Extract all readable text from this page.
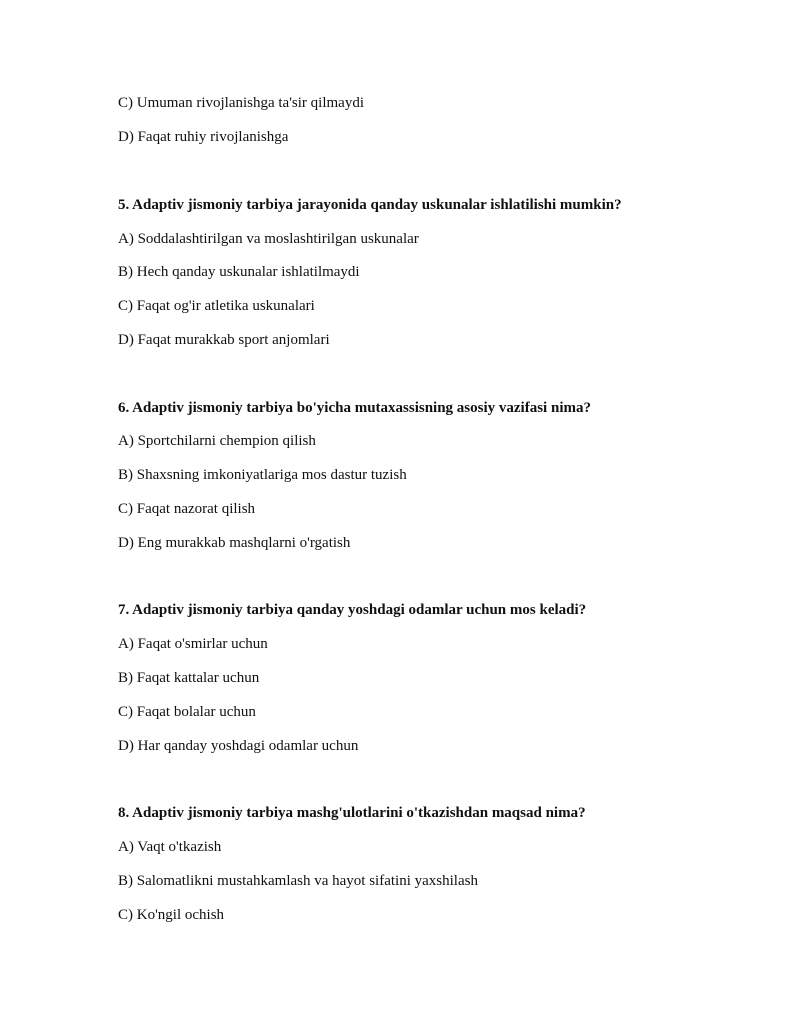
C) Umuman rivojlanishga ta'sir qilmaydi
D) Faqat ruhiy rivojlanishga
5. Adaptiv jismoniy tarbiya jarayonida qanday uskunalar ishlatilishi mumkin?
A) Soddalashtirilgan va moslashtirilgan uskunalar
B) Hech qanday uskunalar ishlatilmaydi
C) Faqat og'ir atletika uskunalari
D) Faqat murakkab sport anjomlari
6. Adaptiv jismoniy tarbiya bo'yicha mutaxassisning asosiy vazifasi nima?
A) Sportchilarni chempion qilish
B) Shaxsning imkoniyatlariga mos dastur tuzish
C) Faqat nazorat qilish
D) Eng murakkab mashqlarni o'rgatish
7. Adaptiv jismoniy tarbiya qanday yoshdagi odamlar uchun mos keladi?
A) Faqat o'smirlar uchun
B) Faqat kattalar uchun
C) Faqat bolalar uchun
D) Har qanday yoshdagi odamlar uchun
8. Adaptiv jismoniy tarbiya mashg'ulotlarini o'tkazishdan maqsad nima?
A) Vaqt o'tkazish
B) Salomatlikni mustahkamlash va hayot sifatini yaxshilash
C) Ko'ngil ochish
